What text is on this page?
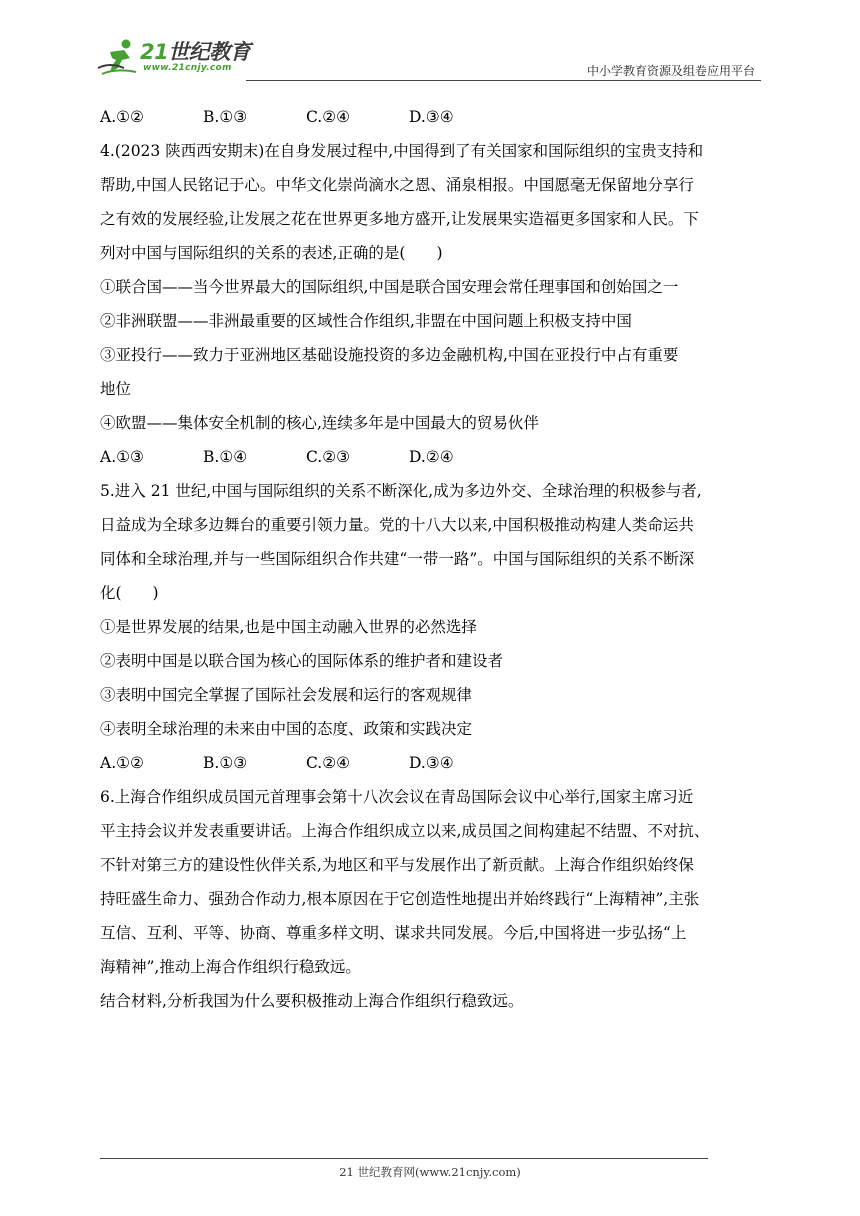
21世纪教育
www.21cnjy.com	中小学教育资源及组卷应用平台
A.①②	B.①③	C.②④	D.③④
4.(2023 陕西西安期末)在自身发展过程中,中国得到了有关国家和国际组织的宝贵支持和
帮助,中国人民铭记于心。中华文化崇尚滴水之恩、涌泉相报。中国愿毫无保留地分享行
之有效的发展经验,让发展之花在世界更多地方盛开,让发展果实造福更多国家和人民。下
列对中国与国际组织的关系的表述,正确的是(　　)
①联合国——当今世界最大的国际组织,中国是联合国安理会常任理事国和创始国之一
②非洲联盟——非洲最重要的区域性合作组织,非盟在中国问题上积极支持中国
③亚投行——致力于亚洲地区基础设施投资的多边金融机构,中国在亚投行中占有重要
地位
④欧盟——集体安全机制的核心,连续多年是中国最大的贸易伙伴
A.①③	B.①④	C.②③	D.②④
5.进入 21 世纪,中国与国际组织的关系不断深化,成为多边外交、全球治理的积极参与者,
日益成为全球多边舞台的重要引领力量。党的十八大以来,中国积极推动构建人类命运共
同体和全球治理,并与一些国际组织合作共建“一带一路”。中国与国际组织的关系不断深
化(　　)
①是世界发展的结果,也是中国主动融入世界的必然选择
②表明中国是以联合国为核心的国际体系的维护者和建设者
③表明中国完全掌握了国际社会发展和运行的客观规律
④表明全球治理的未来由中国的态度、政策和实践决定
A.①②	B.①③	C.②④	D.③④
6.上海合作组织成员国元首理事会第十八次会议在青岛国际会议中心举行,国家主席习近
平主持会议并发表重要讲话。上海合作组织成立以来,成员国之间构建起不结盟、不对抗、
不针对第三方的建设性伙伴关系,为地区和平与发展作出了新贡献。上海合作组织始终保
持旺盛生命力、强劲合作动力,根本原因在于它创造性地提出并始终践行“上海精神”,主张
互信、互利、平等、协商、尊重多样文明、谋求共同发展。今后,中国将进一步弘扬“上
海精神”,推动上海合作组织行稳致远。
结合材料,分析我国为什么要积极推动上海合作组织行稳致远。
21 世纪教育网(www.21cnjy.com)
